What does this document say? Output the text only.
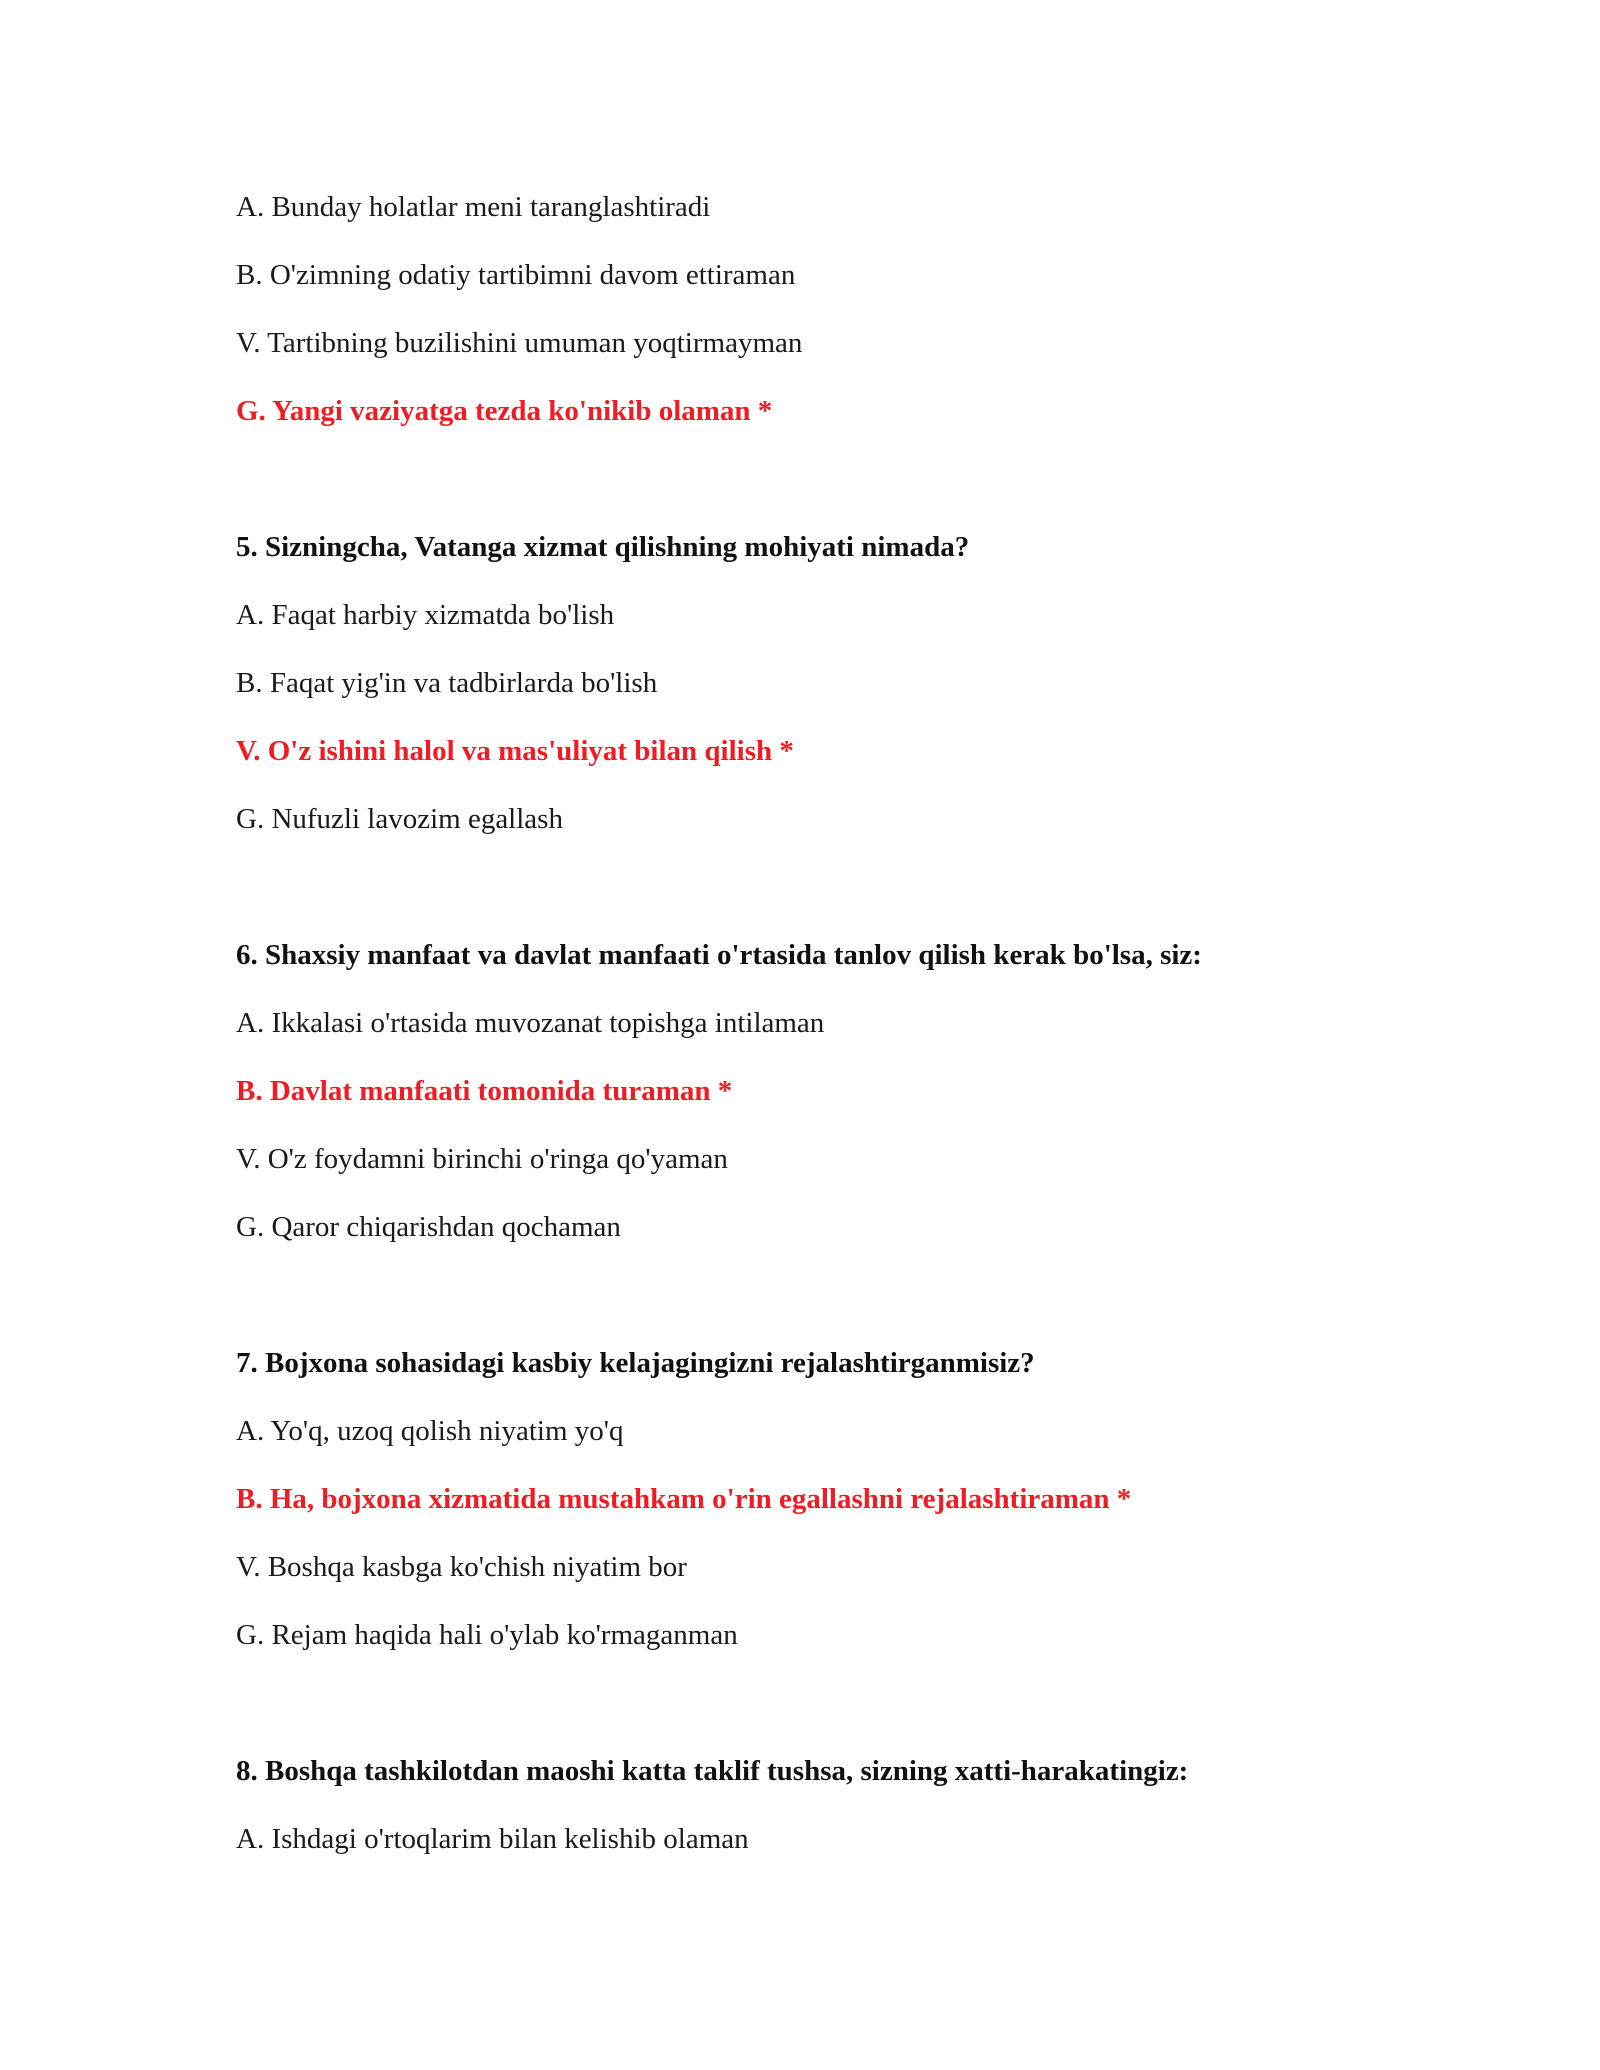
A. Bunday holatlar meni taranglashtiradi
B. O'zimning odatiy tartibimni davom ettiraman
V. Tartibning buzilishini umuman yoqtirmayman
G. Yangi vaziyatga tezda ko'nikib olaman *
5. Sizningcha, Vatanga xizmat qilishning mohiyati nimada?
A. Faqat harbiy xizmatda bo'lish
B. Faqat yig'in va tadbirlarda bo'lish
V. O'z ishini halol va mas'uliyat bilan qilish *
G. Nufuzli lavozim egallash
6. Shaxsiy manfaat va davlat manfaati o'rtasida tanlov qilish kerak bo'lsa, siz:
A. Ikkalasi o'rtasida muvozanat topishga intilaman
B. Davlat manfaati tomonida turaman *
V. O'z foydamni birinchi o'ringa qo'yaman
G. Qaror chiqarishdan qochaman
7. Bojxona sohasidagi kasbiy kelajagingizni rejalashtirganmisiz?
A. Yo'q, uzoq qolish niyatim yo'q
B. Ha, bojxona xizmatida mustahkam o'rin egallashni rejalashtiraman *
V. Boshqa kasbga ko'chish niyatim bor
G. Rejam haqida hali o'ylab ko'rmaganman
8. Boshqa tashkilotdan maoshi katta taklif tushsa, sizning xatti-harakatingiz:
A. Ishdagi o'rtoqlarim bilan kelishib olaman
